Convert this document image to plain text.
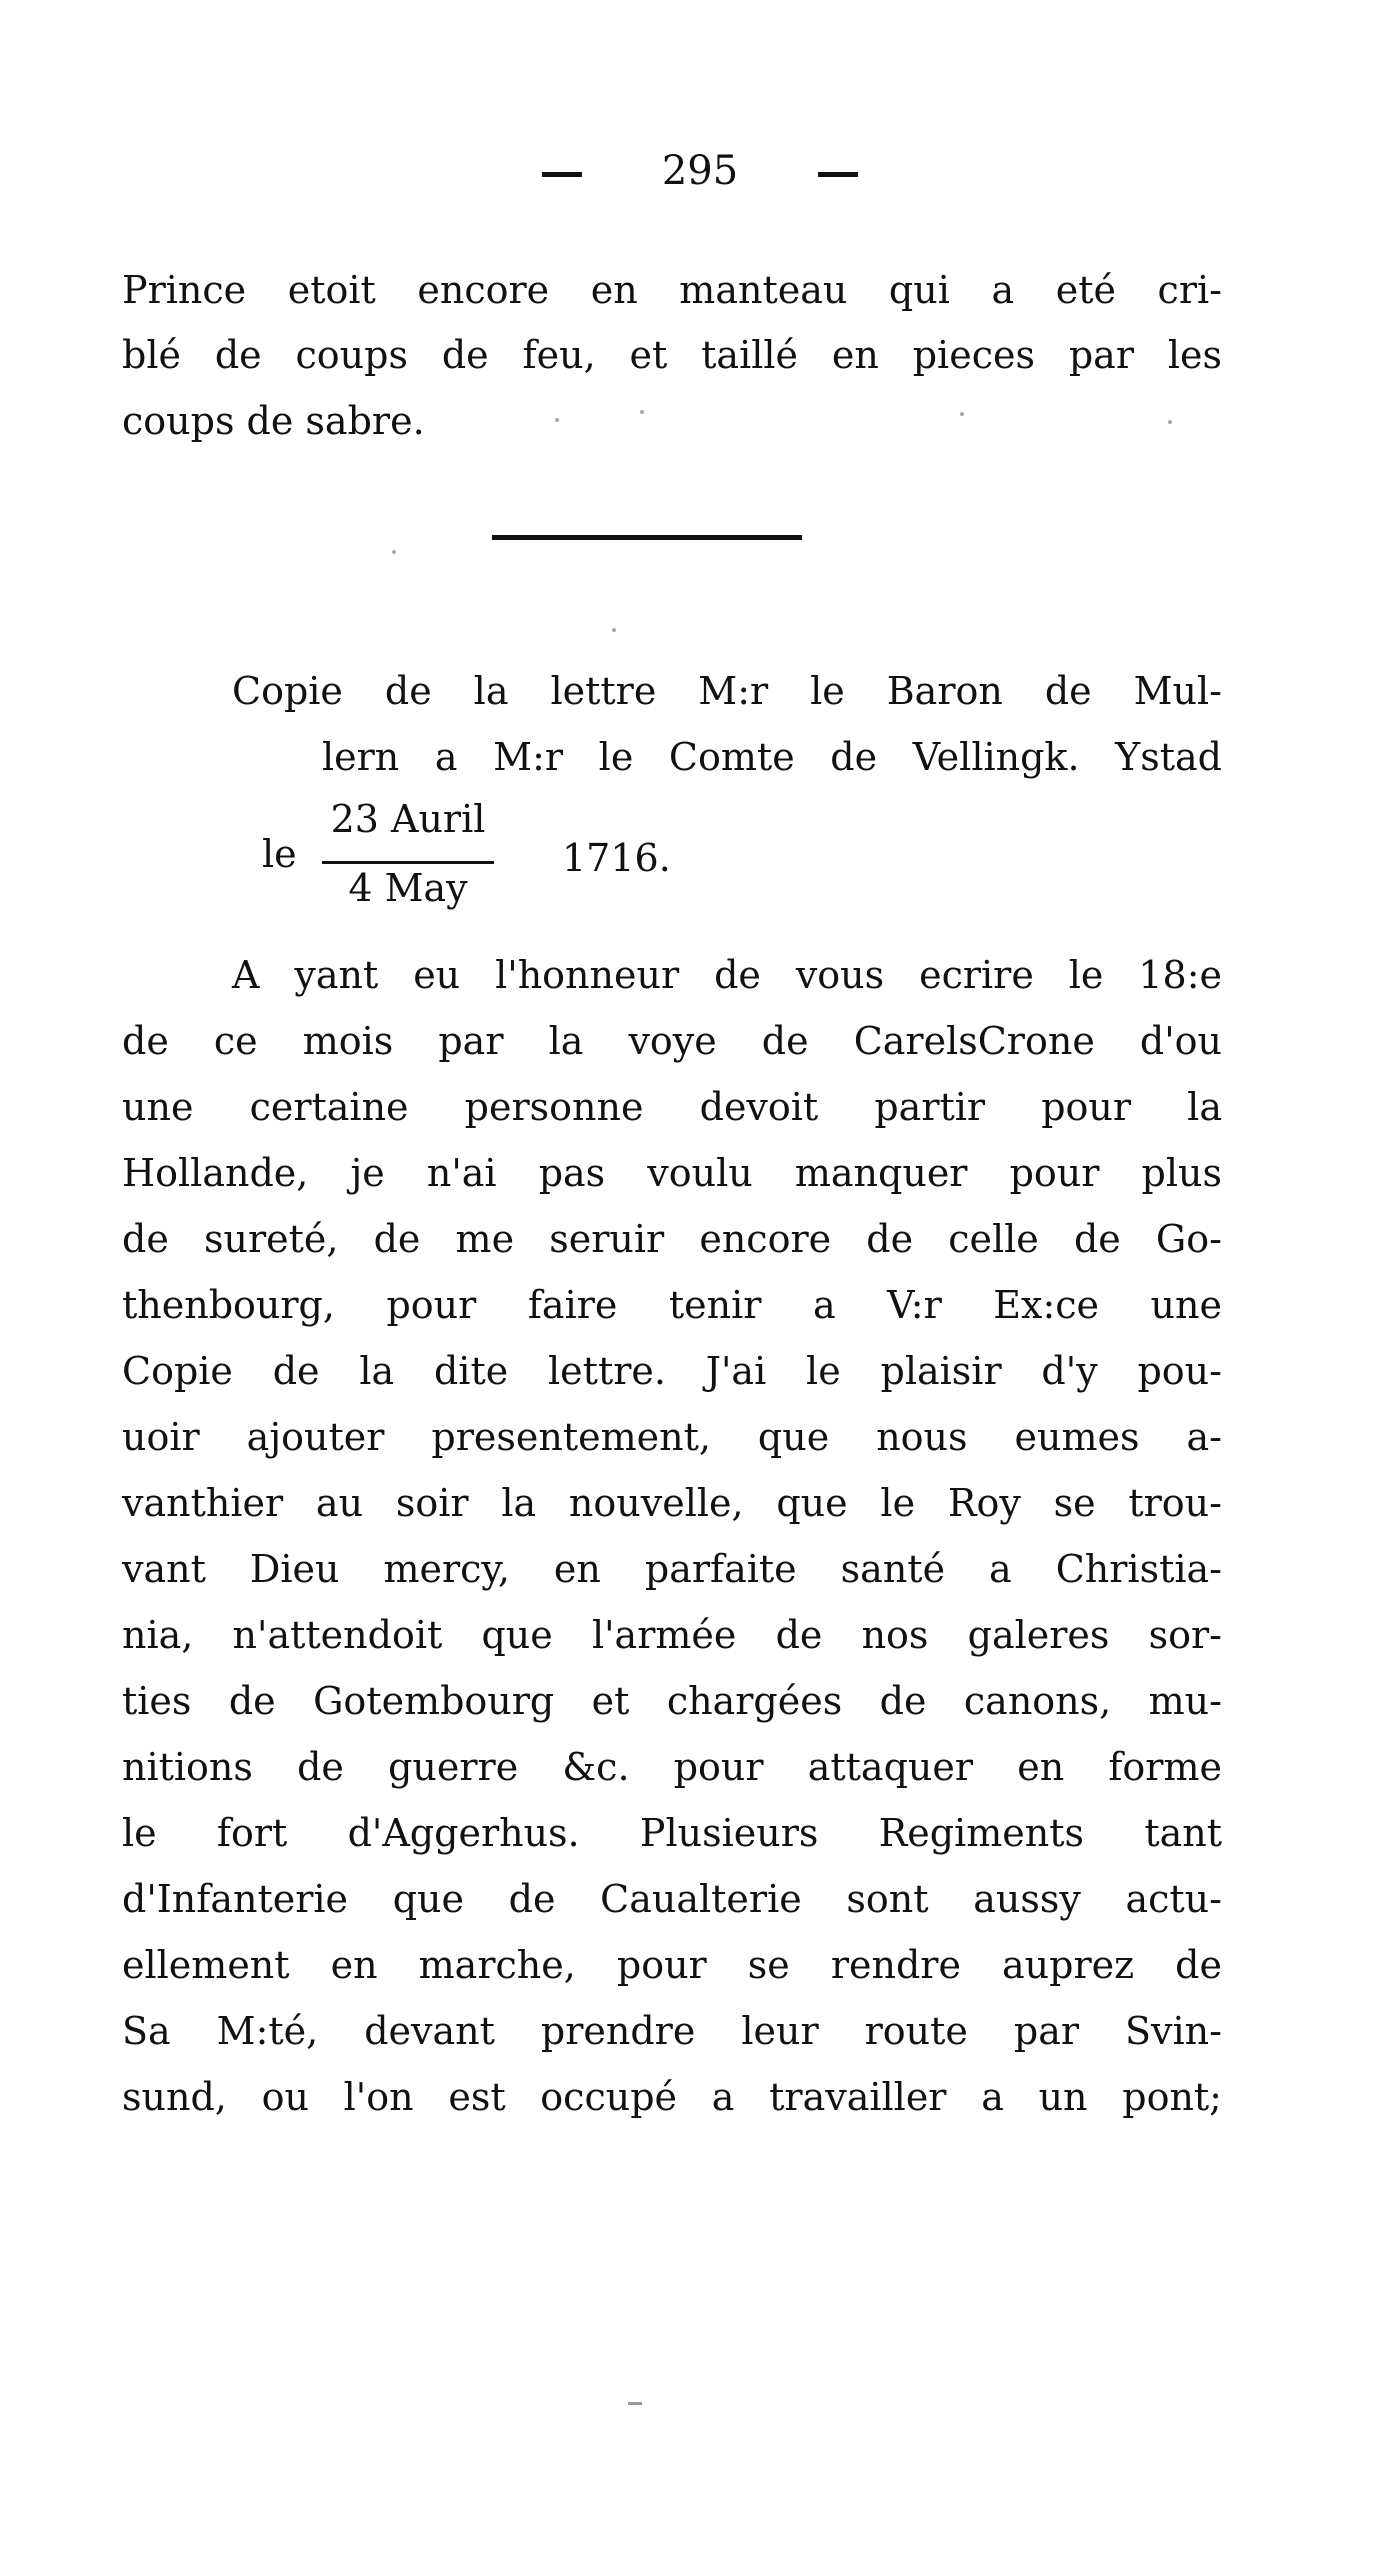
295
Prince etoit encore en manteau qui a eté cri-
blé de coups de feu, et taillé en pieces par les
coups de sabre.
Copie de la lettre M:r le Baron de Mul-
lern a M:r le Comte de Vellingk. Ystad
le
23 Auril
4 May
1716.
A yant eu l'honneur de vous ecrire le 18:e
de ce mois par la voye de CarelsCrone d'ou
une certaine personne devoit partir pour la
Hollande, je n'ai pas voulu manquer pour plus
de sureté, de me seruir encore de celle de Go-
thenbourg, pour faire tenir a V:r Ex:ce une
Copie de la dite lettre. J'ai le plaisir d'y pou-
uoir ajouter presentement, que nous eumes a-
vanthier au soir la nouvelle, que le Roy se trou-
vant Dieu mercy, en parfaite santé a Christia-
nia, n'attendoit que l'armée de nos galeres sor-
ties de Gotembourg et chargées de canons, mu-
nitions de guerre &c. pour attaquer en forme
le fort d'Aggerhus. Plusieurs Regiments tant
d'Infanterie que de Caualterie sont aussy actu-
ellement en marche, pour se rendre auprez de
Sa M:té, devant prendre leur route par Svin-
sund, ou l'on est occupé a travailler a un pont;
